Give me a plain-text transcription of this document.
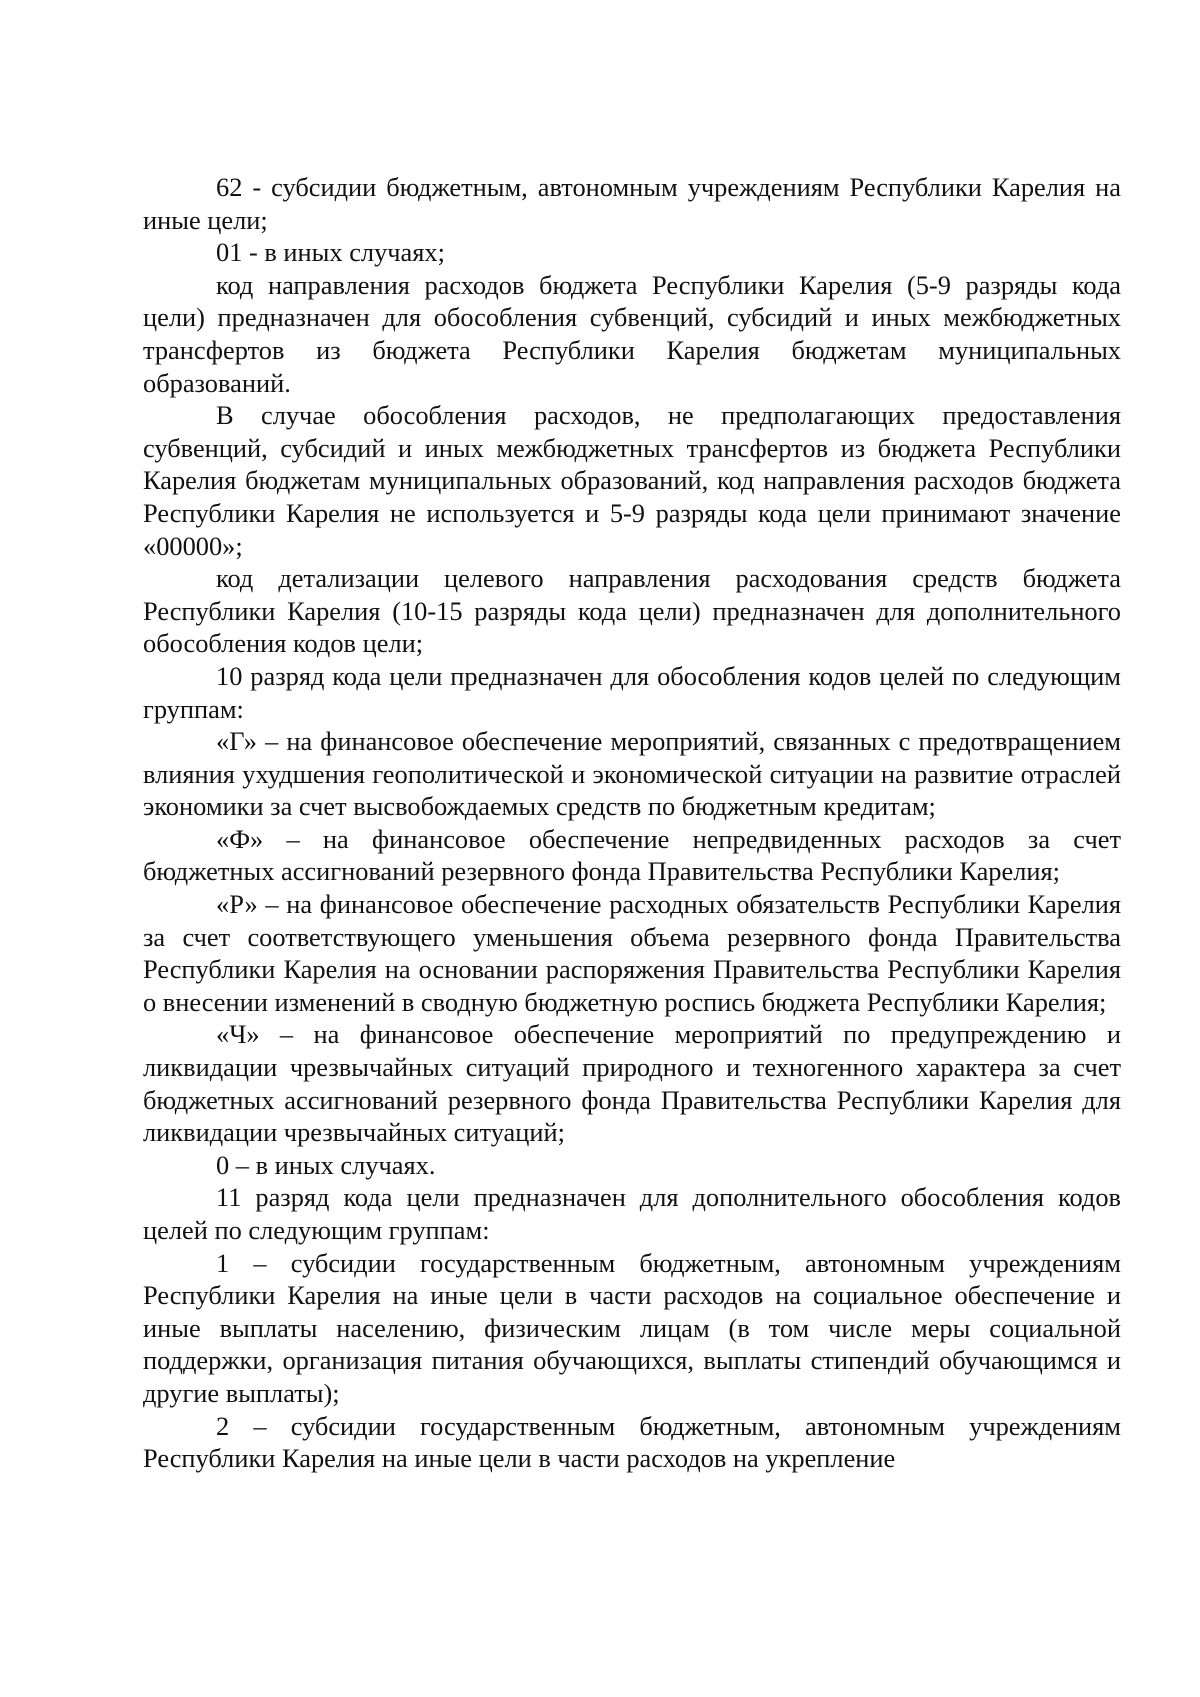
62 - субсидии бюджетным, автономным учреждениям Республики Карелия на иные цели;

01 - в иных случаях;

код направления расходов бюджета Республики Карелия (5-9 разряды кода цели) предназначен для обособления субвенций, субсидий и иных межбюджетных трансфертов из бюджета Республики Карелия бюджетам муниципальных образований.

В случае обособления расходов, не предполагающих предоставления субвенций, субсидий и иных межбюджетных трансфертов из бюджета Республики Карелия бюджетам муниципальных образований, код направления расходов бюджета Республики Карелия не используется и 5-9 разряды кода цели принимают значение «00000»;

код детализации целевого направления расходования средств бюджета Республики Карелия (10-15 разряды кода цели) предназначен для дополнительного обособления кодов цели;

10 разряд кода цели предназначен для обособления кодов целей по следующим группам:

«Г» – на финансовое обеспечение мероприятий, связанных с предотвращением влияния ухудшения геополитической и экономической ситуации на развитие отраслей экономики за счет высвобождаемых средств по бюджетным кредитам;

«Ф» – на финансовое обеспечение непредвиденных расходов за счет бюджетных ассигнований резервного фонда Правительства Республики Карелия;

«Р» – на финансовое обеспечение расходных обязательств Республики Карелия за счет соответствующего уменьшения объема резервного фонда Правительства Республики Карелия на основании распоряжения Правительства Республики Карелия о внесении изменений в сводную бюджетную роспись бюджета Республики Карелия;

«Ч» – на финансовое обеспечение мероприятий по предупреждению и ликвидации чрезвычайных ситуаций природного и техногенного характера за счет бюджетных ассигнований резервного фонда Правительства Республики Карелия для ликвидации чрезвычайных ситуаций;

0 – в иных случаях.

11 разряд кода цели предназначен для дополнительного обособления кодов целей по следующим группам:

1 – субсидии государственным бюджетным, автономным учреждениям Республики Карелия на иные цели в части расходов на социальное обеспечение и иные выплаты населению, физическим лицам (в том числе меры социальной поддержки, организация питания обучающихся, выплаты стипендий обучающимся и другие выплаты);

2 – субсидии государственным бюджетным, автономным учреждениям Республики Карелия на иные цели в части расходов на укрепление
